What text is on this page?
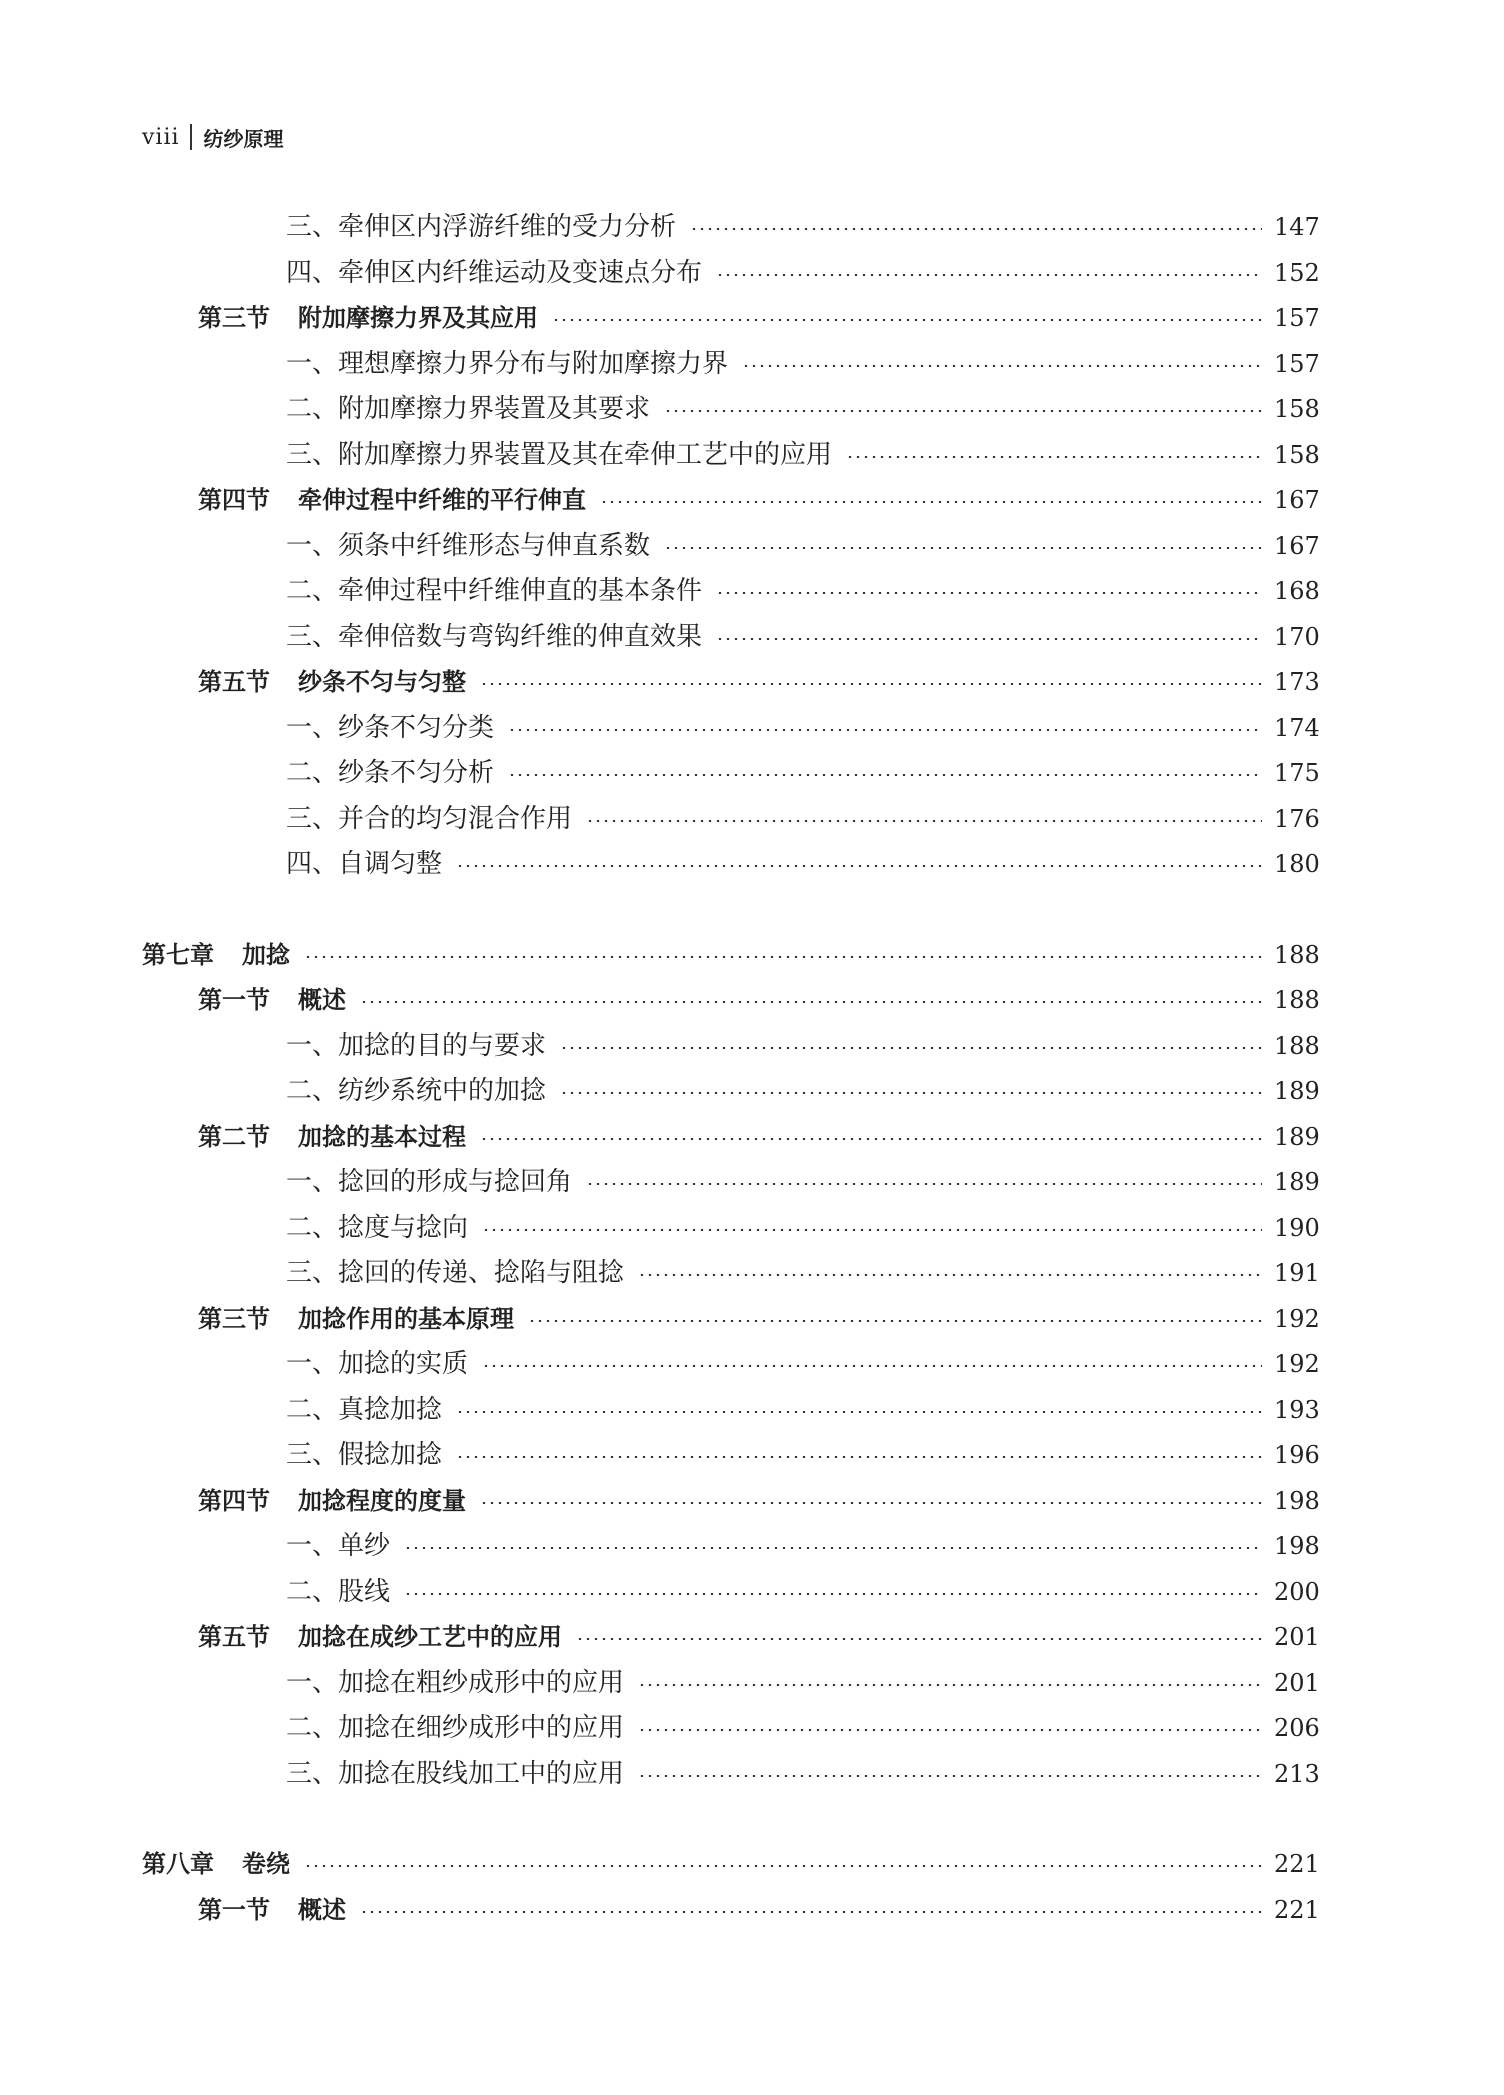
viii 纺纱原理
三、牵伸区内浮游纤维的受力分析	147
四、牵伸区内纤维运动及变速点分布	152
第三节 附加摩擦力界及其应用	157
一、理想摩擦力界分布与附加摩擦力界	157
二、附加摩擦力界装置及其要求	158
三、附加摩擦力界装置及其在牵伸工艺中的应用	158
第四节 牵伸过程中纤维的平行伸直	167
一、须条中纤维形态与伸直系数	167
二、牵伸过程中纤维伸直的基本条件	168
三、牵伸倍数与弯钩纤维的伸直效果	170
第五节 纱条不匀与匀整	173
一、纱条不匀分类	174
二、纱条不匀分析	175
三、并合的均匀混合作用	176
四、自调匀整	180
第七章 加捻	188
第一节 概述	188
一、加捻的目的与要求	188
二、纺纱系统中的加捻	189
第二节 加捻的基本过程	189
一、捻回的形成与捻回角	189
二、捻度与捻向	190
三、捻回的传递、捻陷与阻捻	191
第三节 加捻作用的基本原理	192
一、加捻的实质	192
二、真捻加捻	193
三、假捻加捻	196
第四节 加捻程度的度量	198
一、单纱	198
二、股线	200
第五节 加捻在成纱工艺中的应用	201
一、加捻在粗纱成形中的应用	201
二、加捻在细纱成形中的应用	206
三、加捻在股线加工中的应用	213
第八章 卷绕	221
第一节 概述	221
